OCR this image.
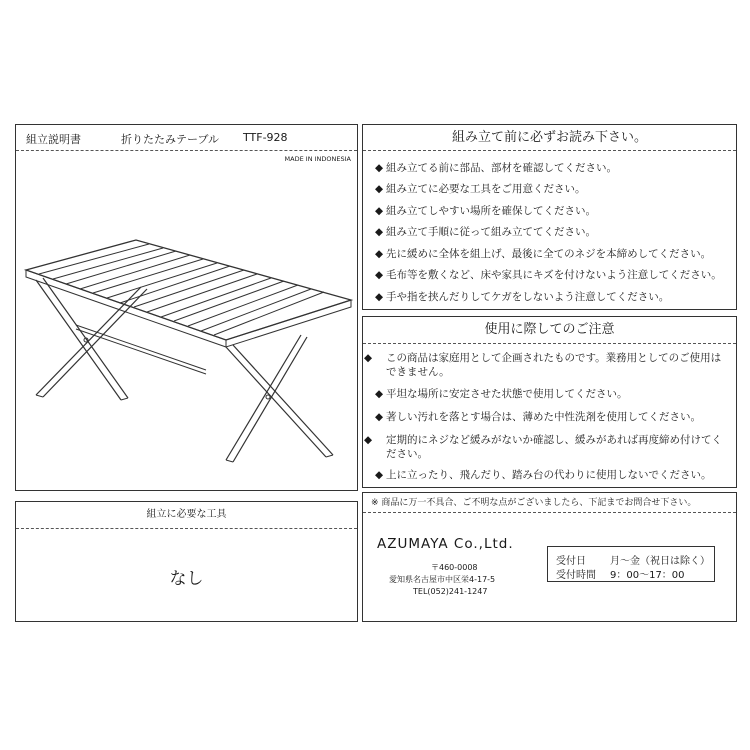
組立説明書	折りたたみテーブル TTF-928
MADE IN INDONESIA
組み立て前に必ずお読み下さい。
◆ 組み立てる前に部品、部材を確認してください。
◆ 組み立てに必要な工具をご用意ください。
◆ 組み立てしやすい場所を確保してください。
◆ 組み立て手順に従って組み立ててください。
◆ 先に緩めに全体を組上げ、最後に全てのネジを本締めしてください。
◆ 毛布等を敷くなど、床や家具にキズを付けないよう注意してください。
◆ 手や指を挟んだりしてケガをしないよう注意してください。
使用に際してのご注意
◆ この商品は家庭用として企画されたものです。業務用としてのご使用はできません。
◆ 平坦な場所に安定させた状態で使用してください。
◆ 著しい汚れを落とす場合は、薄めた中性洗剤を使用してください。
◆ 定期的にネジなど緩みがないか確認し、緩みがあれば再度締め付けてください。
◆ 上に立ったり、飛んだり、踏み台の代わりに使用しないでください。
組立に必要な工具
なし
※ 商品に万一不具合、ご不明な点がございましたら、下記までお問合せ下さい。
AZUMAYA Co.,Ltd.
〒460-0008
愛知県名古屋市中区栄4-17-5
TEL(052)241-1247
受付日 月〜金（祝日は除く）
受付時間 9：00〜17：00
